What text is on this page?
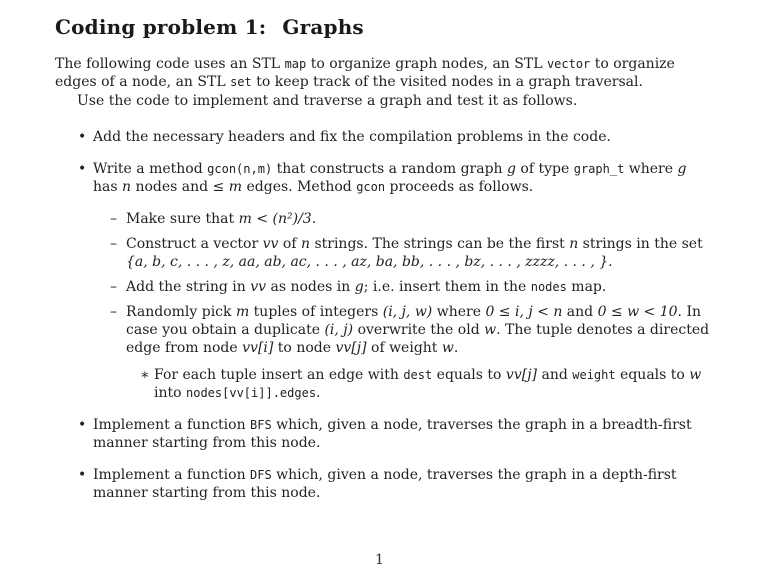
Coding problem 1: Graphs

The following code uses an STL map to organize graph nodes, an STL vector to organize edges of a node, an STL set to keep track of the visited nodes in a graph traversal.

Use the code to implement and traverse a graph and test it as follows.

• Add the necessary headers and fix the compilation problems in the code.
• Write a method gcon(n,m) that constructs a random graph g of type graph_t where g has n nodes and ≤ m edges. Method gcon proceeds as follows.
– Make sure that m < (n²)/3.
– Construct a vector vv of n strings. The strings can be the first n strings in the set
{a, b, c, . . . , z, aa, ab, ac, . . . , az, ba, bb, . . . , bz, . . . , zzzz, . . . , }.
– Add the string in vv as nodes in g; i.e. insert them in the nodes map.
– Randomly pick m tuples of integers (i, j, w) where 0 ≤ i, j < n and 0 ≤ w < 10. In case you obtain a duplicate (i, j) overwrite the old w. The tuple denotes a directed edge from node vv[i] to node vv[j] of weight w.
∗ For each tuple insert an edge with dest equals to vv[j] and weight equals to w into nodes[vv[i]].edges.
• Implement a function BFS which, given a node, traverses the graph in a breadth-first manner starting from this node.
• Implement a function DFS which, given a node, traverses the graph in a depth-first manner starting from this node.
1
